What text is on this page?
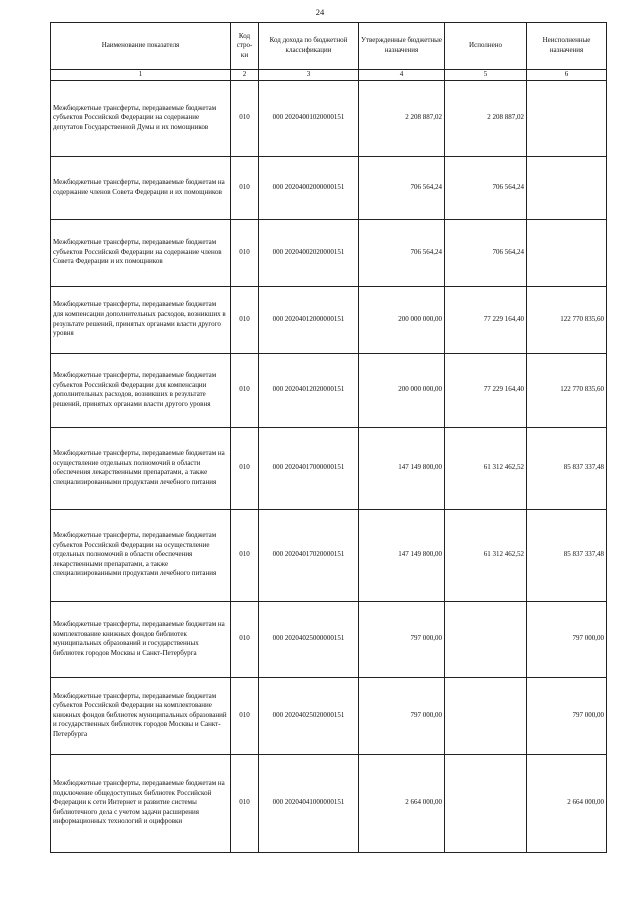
24
Наименование показателя	Код стро- ки	Код дохода по бюджетной классификации	Утвержденные бюджетные назначения	Исполнено	Неисполненные назначения
1	2	3	4	5	6
Межбюджетные трансферты, передаваемые бюджетам субъектов Российской Федерации на содержание депутатов Государственной Думы и их помощников	010	000 20204001020000151	2 208 887,02	2 208 887,02	
Межбюджетные трансферты, передаваемые бюджетам на содержание членов Совета Федерации и их помощников	010	000 20204002000000151	706 564,24	706 564,24	
Межбюджетные трансферты, передаваемые бюджетам субъектов Российской Федерации на содержание членов Совета Федерации и их помощников	010	000 20204002020000151	706 564,24	706 564,24	
Межбюджетные трансферты, передаваемые бюджетам для компенсации дополнительных расходов, возникших в результате решений, принятых органами власти другого уровня	010	000 20204012000000151	200 000 000,00	77 229 164,40	122 770 835,60
Межбюджетные трансферты, передаваемые бюджетам субъектов Российской Федерации для компенсации дополнительных расходов, возникших в результате решений, принятых органами власти другого уровня	010	000 20204012020000151	200 000 000,00	77 229 164,40	122 770 835,60
Межбюджетные трансферты, передаваемые бюджетам на осуществление отдельных полномочий в области обеспечения лекарственными препаратами, а также специализированными продуктами лечебного питания	010	000 20204017000000151	147 149 800,00	61 312 462,52	85 837 337,48
Межбюджетные трансферты, передаваемые бюджетам субъектов Российской Федерации на осуществление отдельных полномочий в области обеспечения лекарственными препаратами, а также специализированными продуктами лечебного питания	010	000 20204017020000151	147 149 800,00	61 312 462,52	85 837 337,48
Межбюджетные трансферты, передаваемые бюджетам на комплектование книжных фондов библиотек муниципальных образований и государственных библиотек городов Москвы и Санкт-Петербурга	010	000 20204025000000151	797 000,00		797 000,00
Межбюджетные трансферты, передаваемые бюджетам субъектов Российской Федерации на комплектование книжных фондов библиотек муниципальных образований и государственных библиотек городов Москвы и Санкт-Петербурга	010	000 20204025020000151	797 000,00		797 000,00
Межбюджетные трансферты, передаваемые бюджетам на подключение общедоступных библиотек Российской Федерации к сети Интернет и развитие системы библиотечного дела с учетом задачи расширения информационных технологий и оцифровки	010	000 20204041000000151	2 664 000,00		2 664 000,00
